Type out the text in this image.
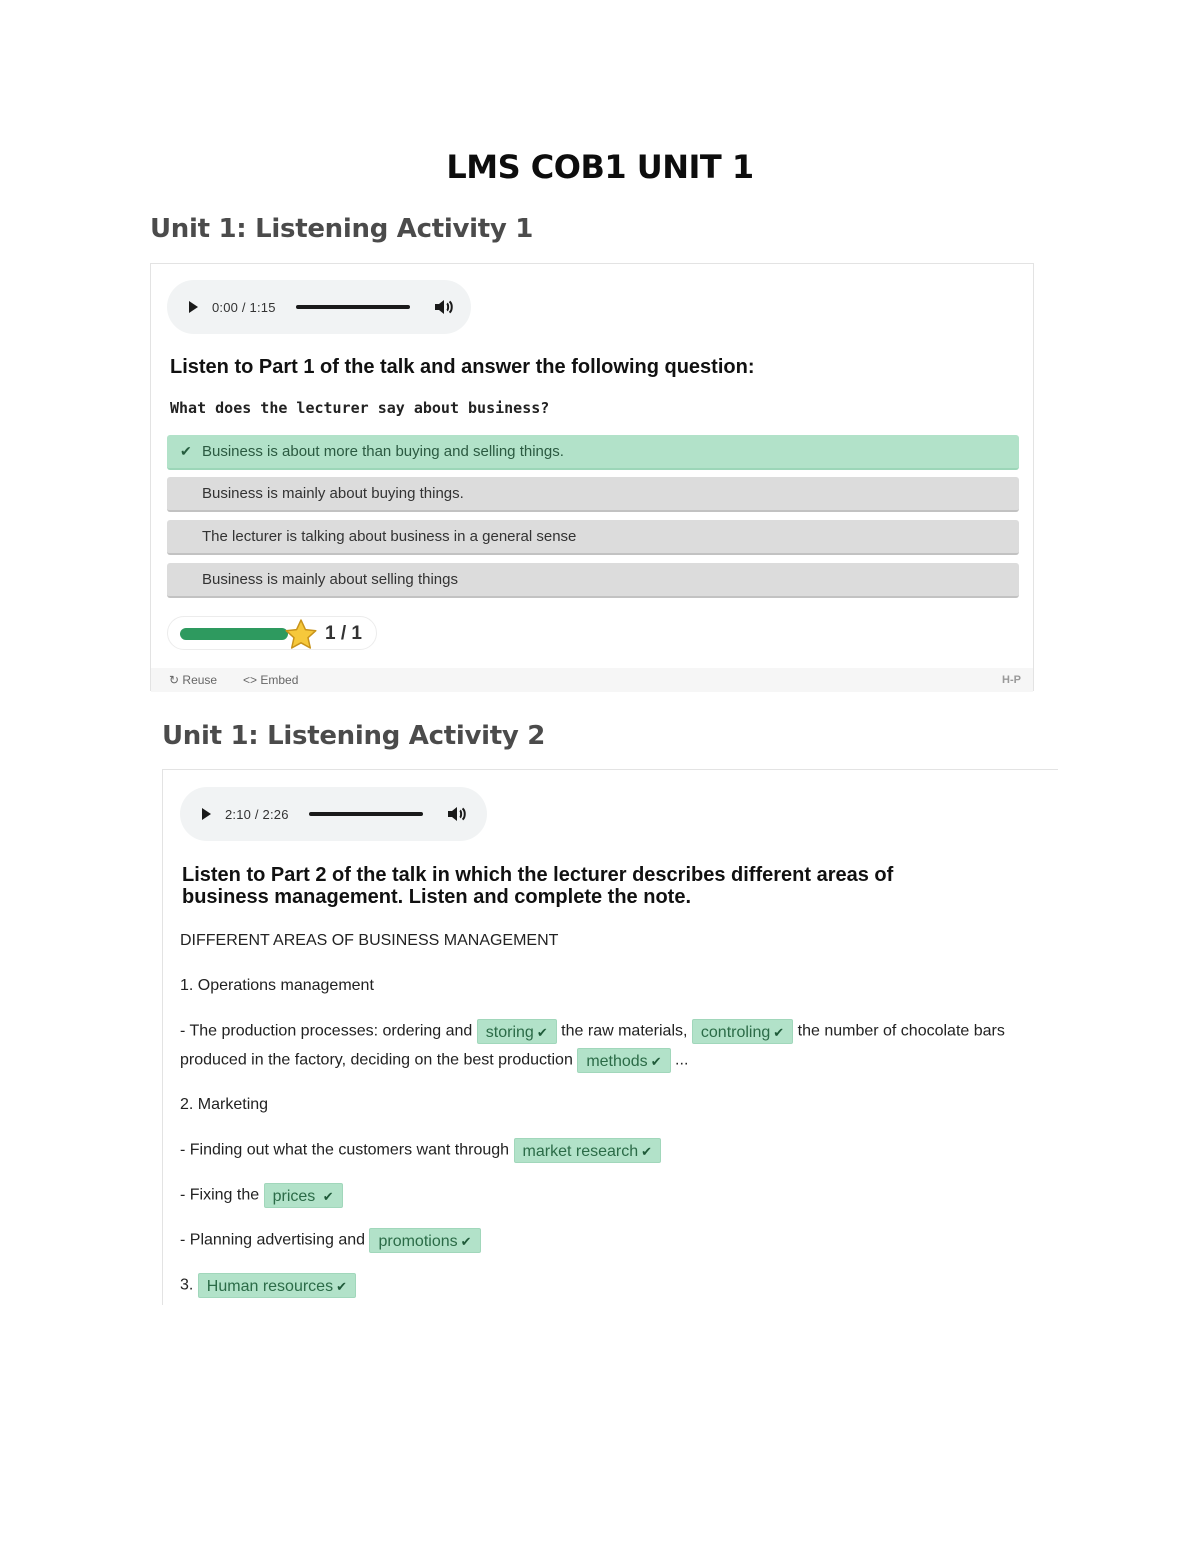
LMS COB1 UNIT 1
Unit 1: Listening Activity 1
0:00 / 1:15
Listen to Part 1 of the talk and answer the following question:
What does the lecturer say about business?
✔ Business is about more than buying and selling things.
Business is mainly about buying things.
The lecturer is talking about business in a general sense
Business is mainly about selling things
1 / 1
↻ Reuse <> Embed	H-P
Unit 1: Listening Activity 2
2:10 / 2:26
Listen to Part 2 of the talk in which the lecturer describes different areas of
business management. Listen and complete the note.
DIFFERENT AREAS OF BUSINESS MANAGEMENT
1. Operations management
- The production processes: ordering and storing ✔ the raw materials, controling ✔ the number of chocolate bars
produced in the factory, deciding on the best production methods ✔ ...
2. Marketing
- Finding out what the customers want through market research ✔
- Fixing the prices ✔
- Planning advertising and promotions ✔
3. Human resources ✔
